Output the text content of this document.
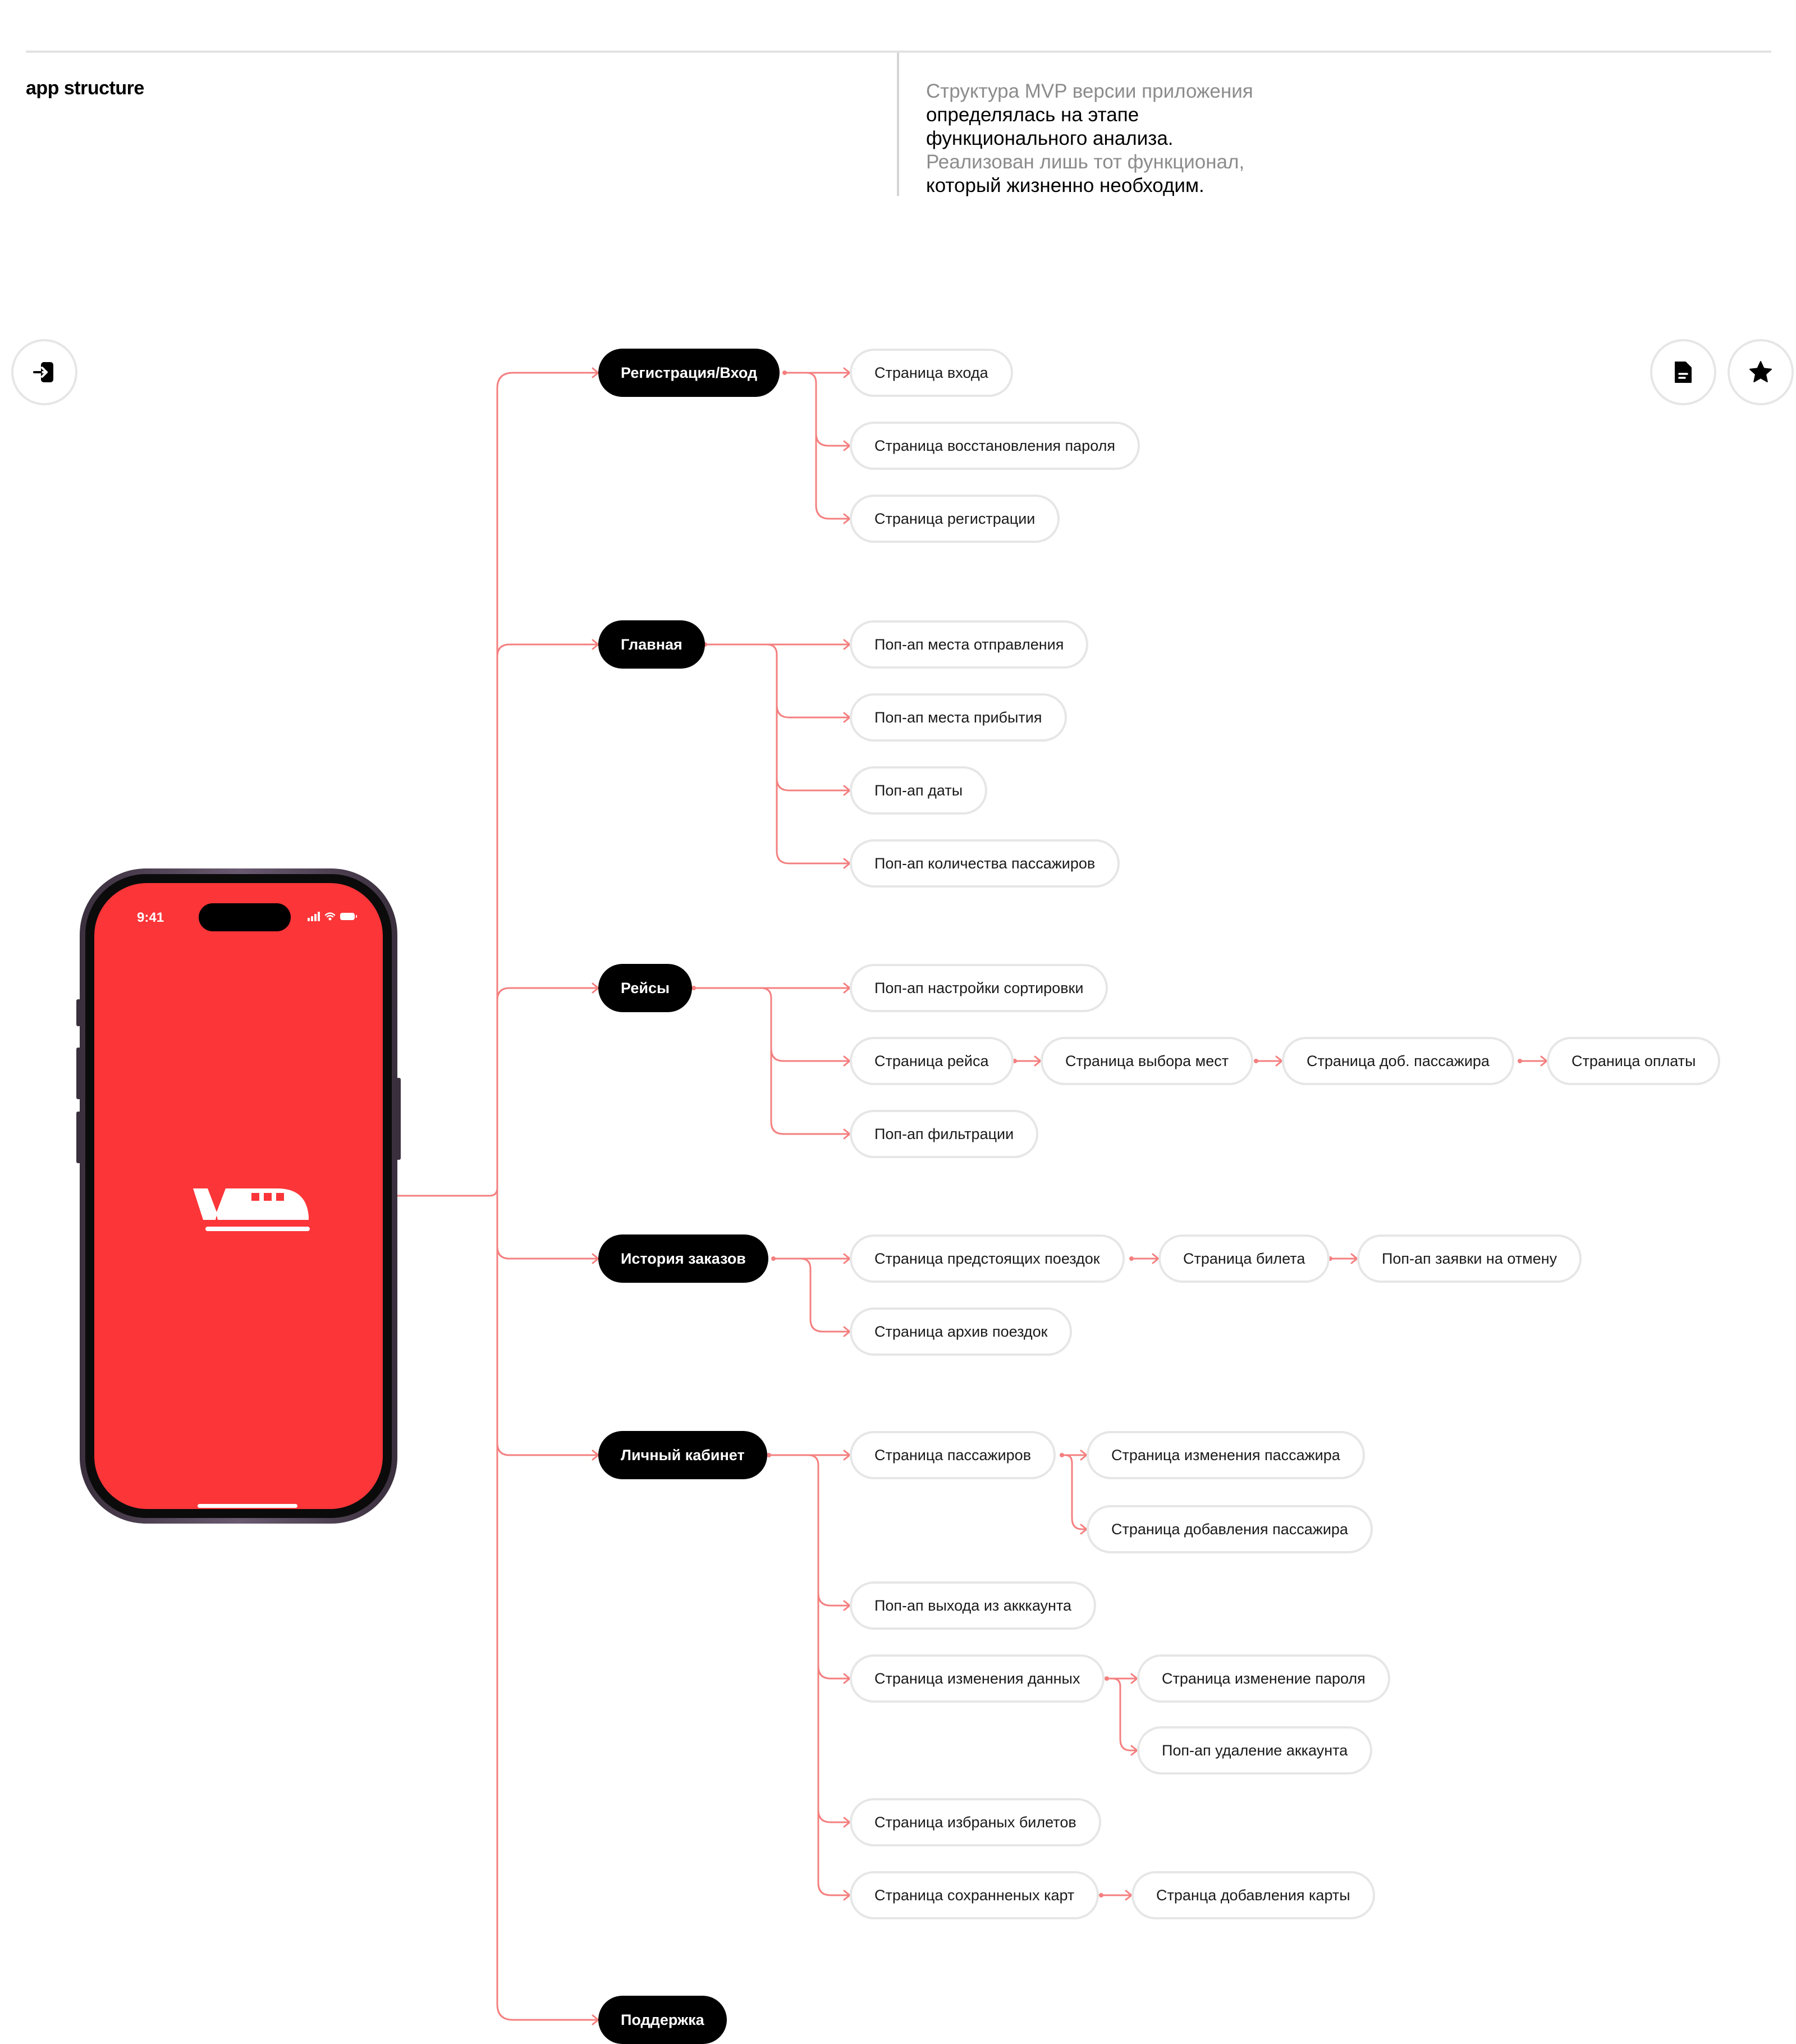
app structure	Структура MVP версии приложения
определялась на этапе
функционального анализа.
Реализован лишь тот функционал,
который жизненно необходим.
9:41
Регистрация/Вход
Главная
Рейсы
История заказов
Личный кабинет
Поддержка
Страница входа
Страница восстановления пароля
Страница регистрации
Поп-ап места отправления
Поп-ап места прибытия
Поп-ап даты
Поп-ап количества пассажиров
Поп-ап настройки сортировки
Страница рейса	Страница выбора мест	Страница доб. пассажира	Страница оплаты
Поп-ап фильтрации
Страница предстоящих поездок	Страница билета	Поп-ап заявки на отмену
Страница архив поездок
Страница пассажиров	Страница изменения пассажира
Страница добавления пассажира
Поп-ап выхода из акккаунта
Страница изменения данных	Страница изменение пароля
Поп-ап удаление аккаунта
Страница избраных билетов
Страница сохранненых карт	Странца добавления карты
